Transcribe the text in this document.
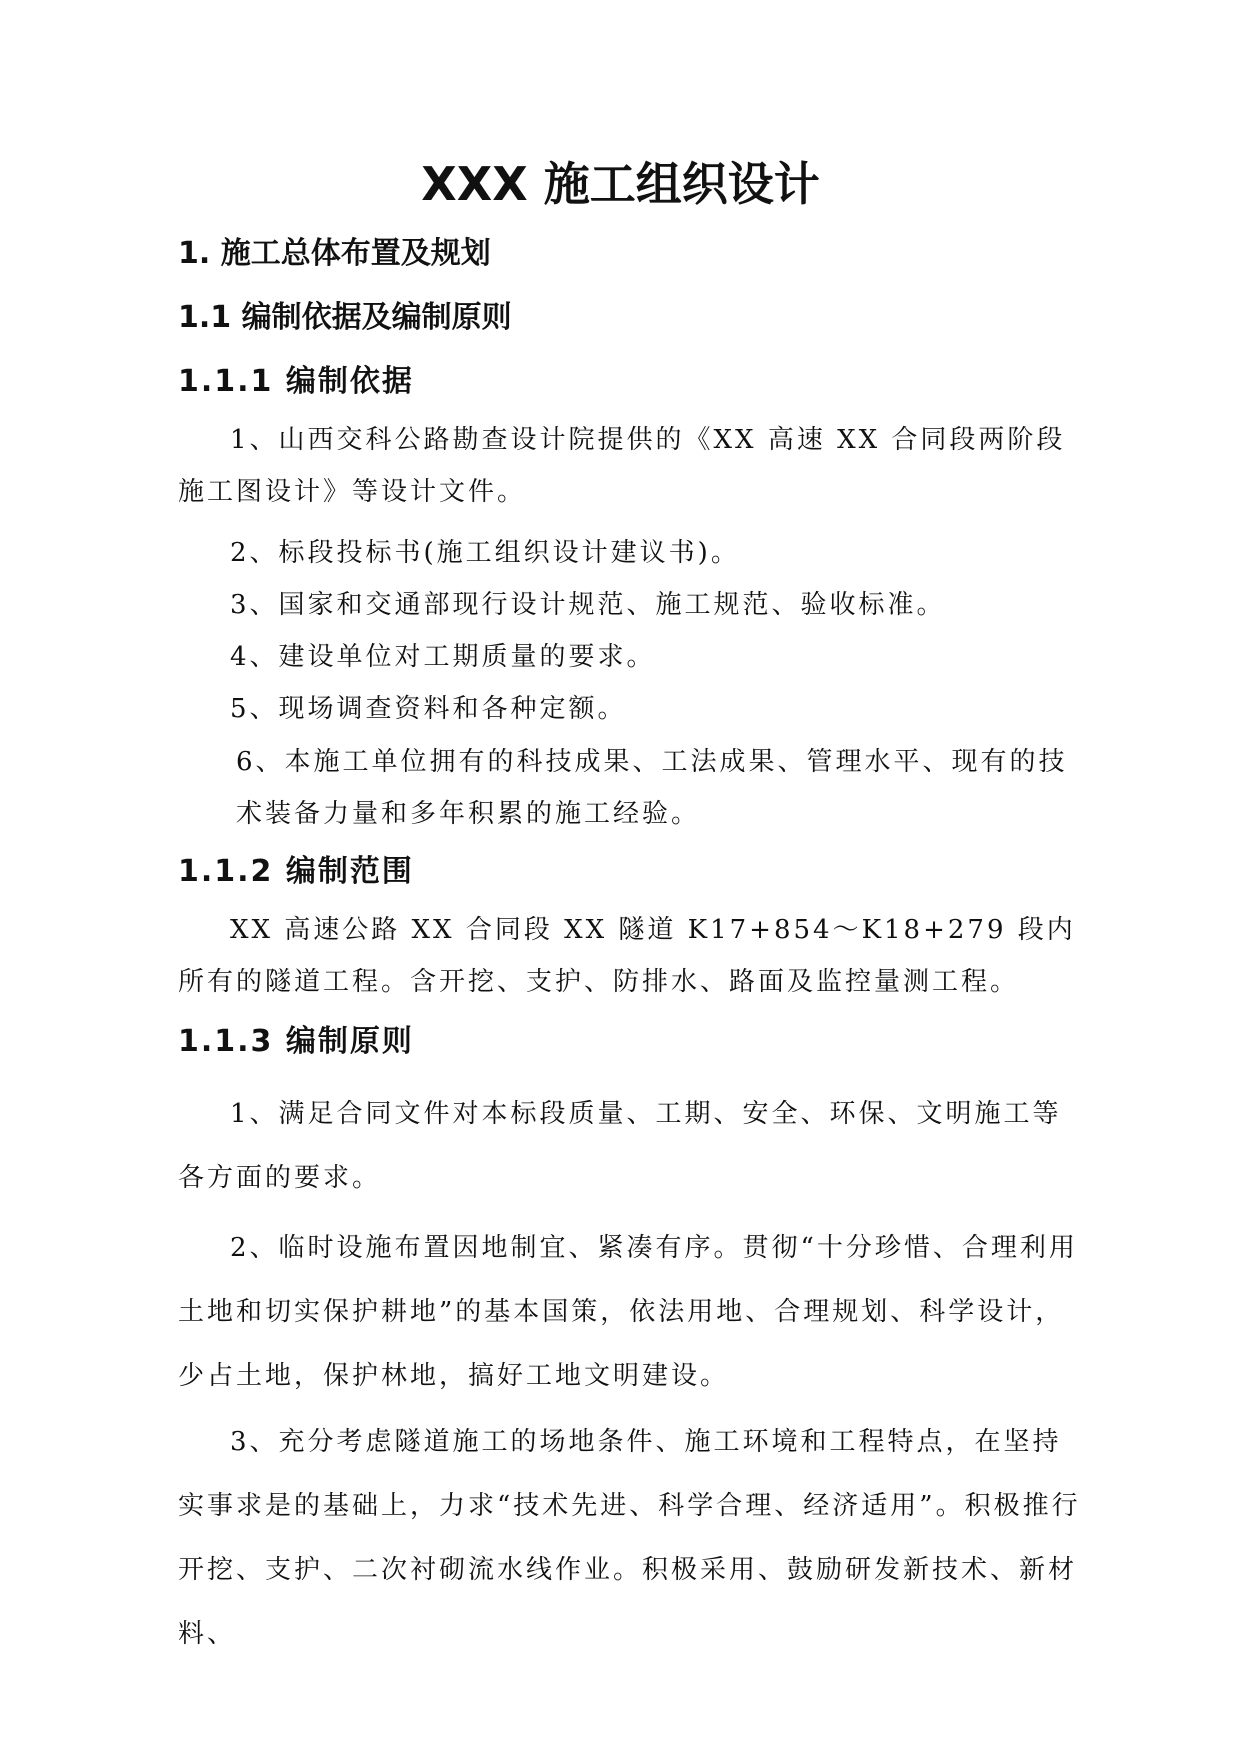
XXX 施工组织设计
1. 施工总体布置及规划
1.1 编制依据及编制原则
1.1.1 编制依据

1、山西交科公路勘查设计院提供的《XX 高速 XX 合同段两阶段施工图设计》等设计文件。

2、标段投标书(施工组织设计建议书)。

3、国家和交通部现行设计规范、施工规范、验收标准。

4、建设单位对工期质量的要求。

5、现场调查资料和各种定额。

6、本施工单位拥有的科技成果、工法成果、管理水平、现有的技术装备力量和多年积累的施工经验。

1.1.2 编制范围

XX 高速公路 XX 合同段 XX 隧道 K17+854～K18+279 段内所有的隧道工程。含开挖、支护、防排水、路面及监控量测工程。

1.1.3 编制原则

1、满足合同文件对本标段质量、工期、安全、环保、文明施工等各方面的要求。

2、临时设施布置因地制宜、紧凑有序。贯彻“十分珍惜、合理利用土地和切实保护耕地”的基本国策，依法用地、合理规划、科学设计，少占土地，保护林地，搞好工地文明建设。

3、充分考虑隧道施工的场地条件、施工环境和工程特点，在坚持实事求是的基础上，力求“技术先进、科学合理、经济适用”。积极推行开挖、支护、二次衬砌流水线作业。积极采用、鼓励研发新技术、新材料、
